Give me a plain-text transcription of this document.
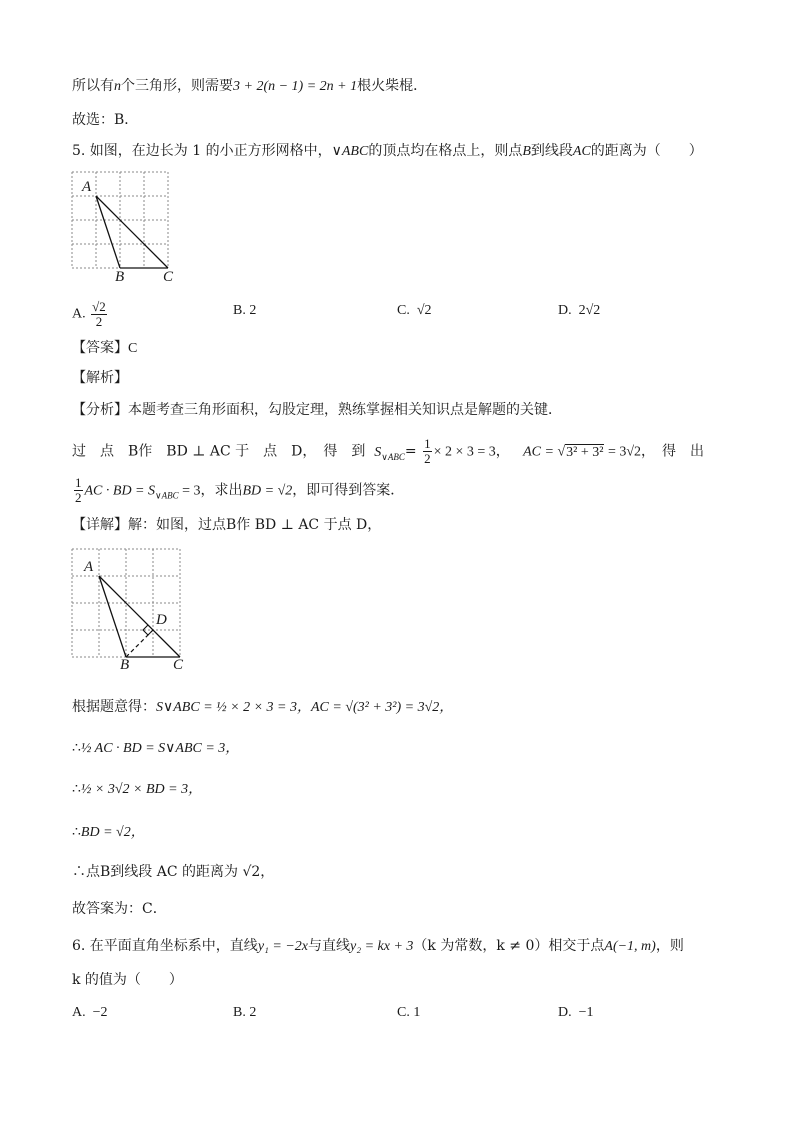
所以有n个三角形，则需要3 + 2(n − 1) = 2n + 1根火柴棍．
故选：B．
5. 如图，在边长为 1 的小正方形网格中，∨ABC的顶点均在格点上，则点B到线段AC的距离为（　　）
A
B	C
A. $\frac{√2}{2}$	B. 2	C. √2	D. 2√2
【答案】C
【解析】
【分析】本题考查三角形面积，勾股定理，熟练掌握相关知识点是解题的关键．
过　点　B作　BD ⊥ AC 于　点　D，　得　到 $S_{\vee ABC}= \frac{1}{2} \times 2 \times 3 = 3$， AC = √3² + 3² = 3√2，　得　出
$\frac{1}{2}$ AC · BD = $S_{\vee ABC} = 3$，求出BD = √2，即可得到答案．
【详解】解：如图，过点B作 BD ⊥ AC 于点 D，
A
B	C
D
根据题意得：S∨ABC = ½ × 2 × 3 = 3，AC = √(3² + 3²) = 3√2，
∴½ AC · BD = S∨ABC = 3，
∴½ × 3√2 × BD = 3，
∴BD = √2，
∴点B到线段 AC 的距离为 √2，
故答案为：C．
6. 在平面直角坐标系中，直线y₁ = −2x与直线y₂ = kx + 3（k 为常数，k ≠ 0）相交于点A(−1, m)，则
k 的值为（　　）
A. −2	B. 2	C. 1	D. −1
